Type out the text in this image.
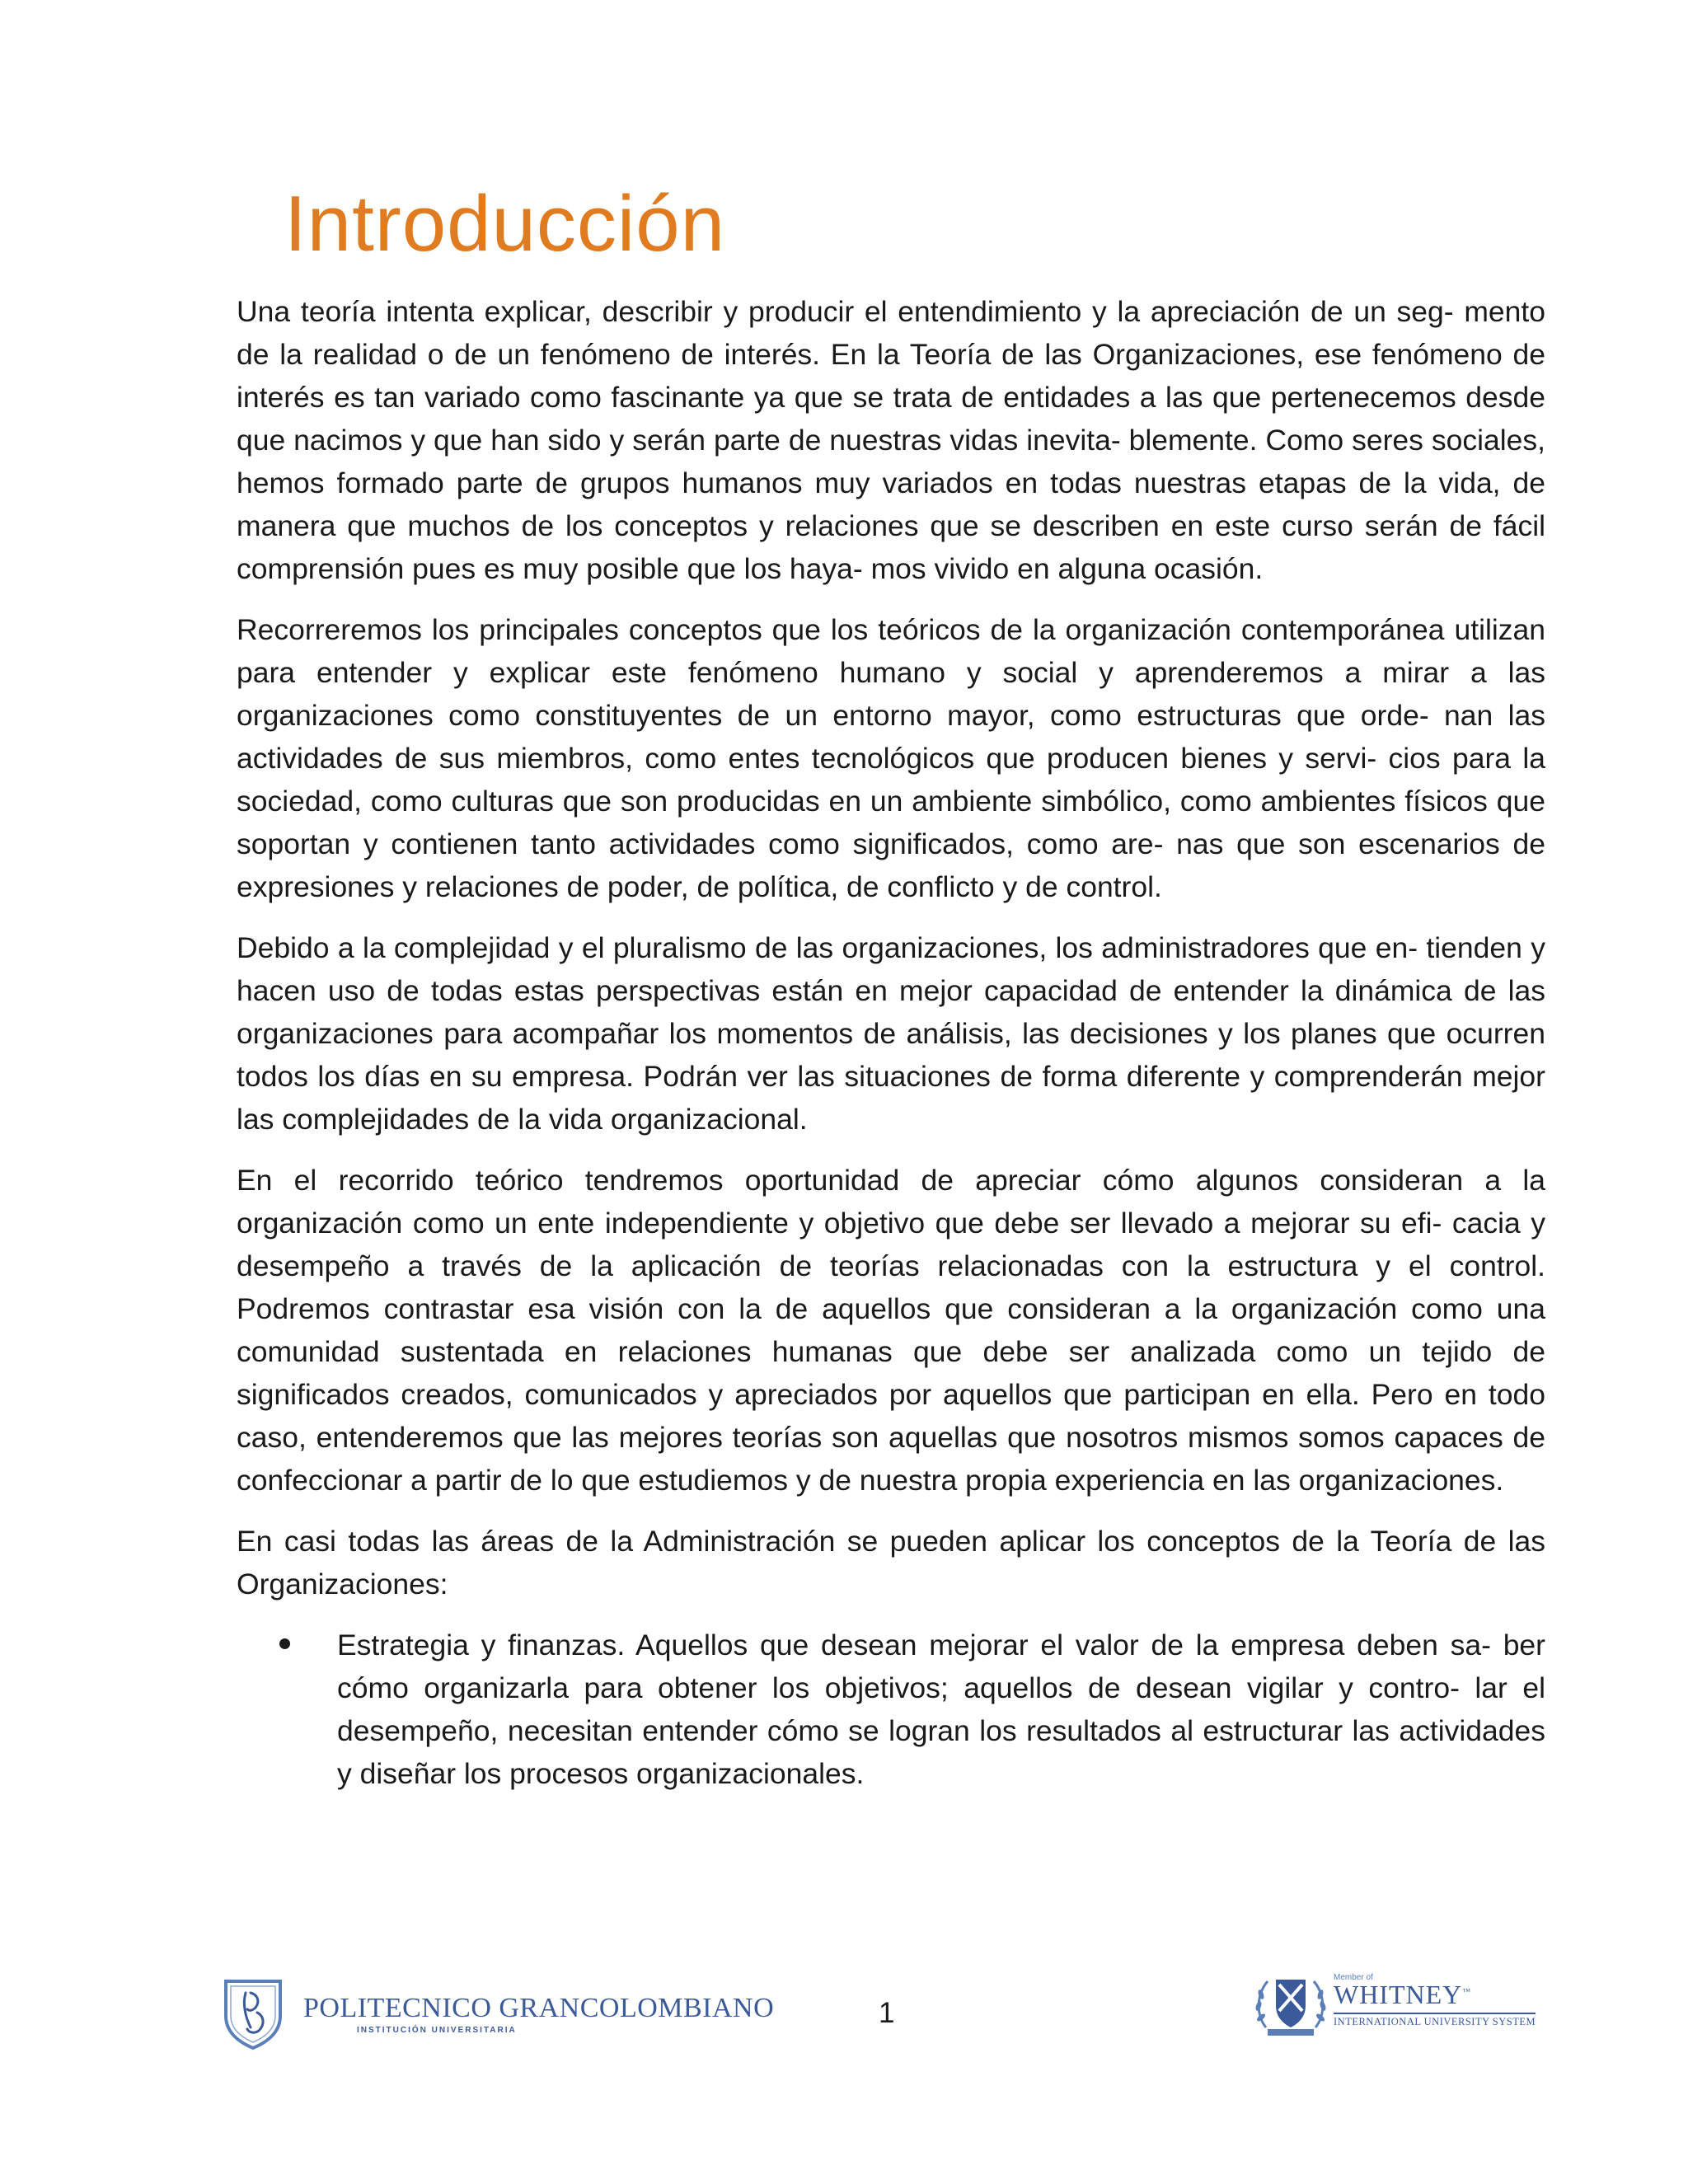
Introducción

Una teoría intenta explicar, describir y producir el entendimiento y la apreciación de un seg- mento de la realidad o de un fenómeno de interés. En la Teoría de las Organizaciones, ese fenómeno de interés es tan variado como fascinante ya que se trata de entidades a las que pertenecemos desde que nacimos y que han sido y serán parte de nuestras vidas inevita- blemente. Como seres sociales, hemos formado parte de grupos humanos muy variados en todas nuestras etapas de la vida, de manera que muchos de los conceptos y relaciones que se describen en este curso serán de fácil comprensión pues es muy posible que los haya- mos vivido en alguna ocasión.

Recorreremos los principales conceptos que los teóricos de la organización contemporánea utilizan para entender y explicar este fenómeno humano y social y aprenderemos a mirar a las organizaciones como constituyentes de un entorno mayor, como estructuras que orde- nan las actividades de sus miembros, como entes tecnológicos que producen bienes y servi- cios para la sociedad, como culturas que son producidas en un ambiente simbólico, como ambientes físicos que soportan y contienen tanto actividades como significados, como are- nas que son escenarios de expresiones y relaciones de poder, de política, de conflicto y de control.

Debido a la complejidad y el pluralismo de las organizaciones, los administradores que en- tienden y hacen uso de todas estas perspectivas están en mejor capacidad de entender la dinámica de las organizaciones para acompañar los momentos de análisis, las decisiones y los planes que ocurren todos los días en su empresa. Podrán ver las situaciones de forma diferente y comprenderán mejor las complejidades de la vida organizacional.

En el recorrido teórico tendremos oportunidad de apreciar cómo algunos consideran a la organización como un ente independiente y objetivo que debe ser llevado a mejorar su efi- cacia y desempeño a través de la aplicación de teorías relacionadas con la estructura y el control. Podremos contrastar esa visión con la de aquellos que consideran a la organización como una comunidad sustentada en relaciones humanas que debe ser analizada como un tejido de significados creados, comunicados y apreciados por aquellos que participan en ella. Pero en todo caso, entenderemos que las mejores teorías son aquellas que nosotros mismos somos capaces de confeccionar a partir de lo que estudiemos y de nuestra propia experiencia en las organizaciones.

En casi todas las áreas de la Administración se pueden aplicar los conceptos de la Teoría de las Organizaciones:

Estrategia y finanzas. Aquellos que desean mejorar el valor de la empresa deben sa- ber cómo organizarla para obtener los objetivos; aquellos de desean vigilar y contro- lar el desempeño, necesitan entender cómo se logran los resultados al estructurar las actividades y diseñar los procesos organizacionales.
POLITECNICO GRANCOLOMBIANO
INSTITUCIÓN UNIVERSITARIA
1
Member of
WHITNEY™
INTERNATIONAL UNIVERSITY SYSTEM
